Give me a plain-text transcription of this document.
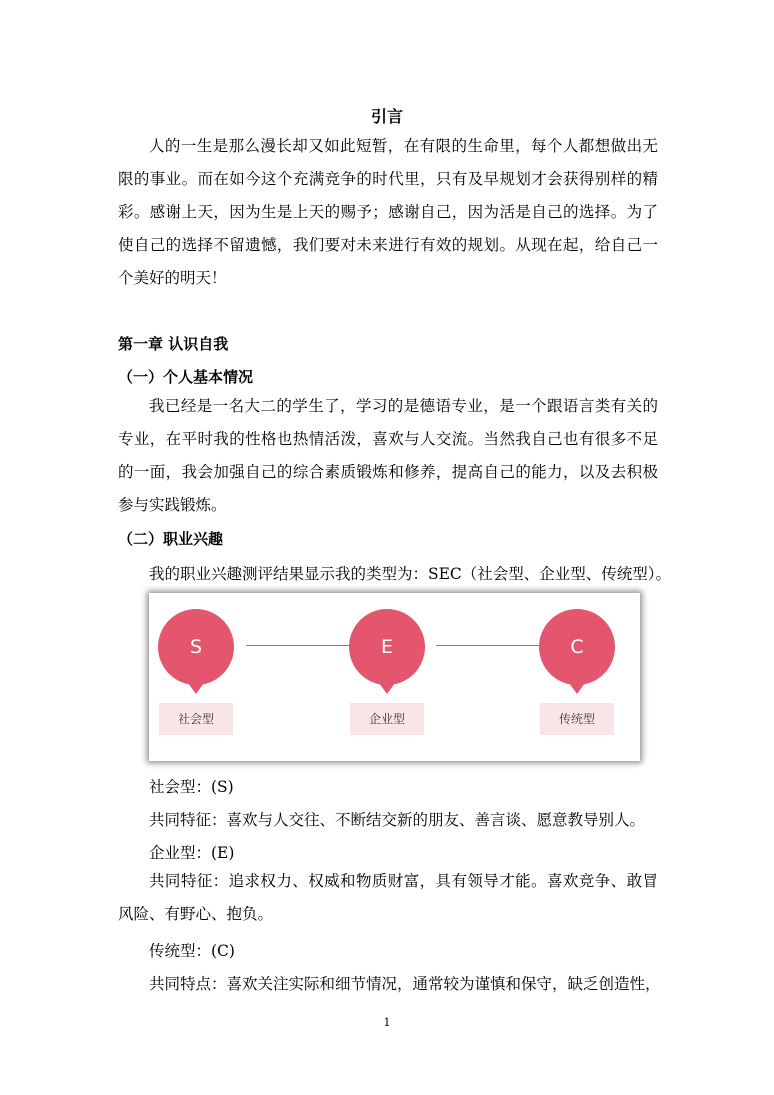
引言

人的一生是那么漫长却又如此短暂，在有限的生命里，每个人都想做出无限的事业。而在如今这个充满竞争的时代里，只有及早规划才会获得别样的精彩。感谢上天，因为生是上天的赐予；感谢自己，因为活是自己的选择。为了使自己的选择不留遗憾，我们要对未来进行有效的规划。从现在起，给自己一个美好的明天！

第一章 认识自我
（一）个人基本情况

我已经是一名大二的学生了，学习的是德语专业，是一个跟语言类有关的专业，在平时我的性格也热情活泼，喜欢与人交流。当然我自己也有很多不足的一面，我会加强自己的综合素质锻炼和修养，提高自己的能力，以及去积极参与实践锻炼。

（二）职业兴趣
我的职业兴趣测评结果显示我的类型为：SEC（社会型、企业型、传统型）。
S	E	C
社会型	企业型	传统型
社会型：(S)
共同特征：喜欢与人交往、不断结交新的朋友、善言谈、愿意教导别人。
企业型：(E)

共同特征：追求权力、权威和物质财富，具有领导才能。喜欢竞争、敢冒风险、有野心、抱负。

传统型：(C)
共同特点：喜欢关注实际和细节情况，通常较为谨慎和保守，缺乏创造性，
1
